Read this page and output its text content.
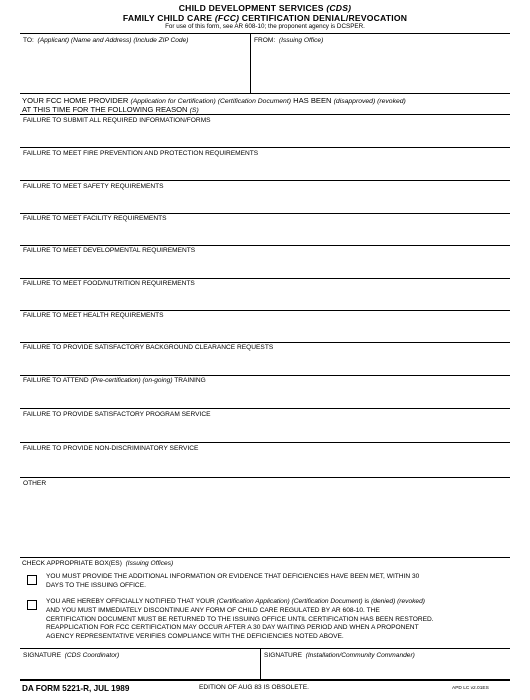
CHILD DEVELOPMENT SERVICES (CDS)
FAMILY CHILD CARE (FCC) CERTIFICATION DENIAL/REVOCATION
For use of this form, see AR 608-10; the proponent agency is DCSPER.
TO: (Applicant) (Name and Address) (Include ZIP Code)	FROM: (Issuing Office)
YOUR FCC HOME PROVIDER (Application for Certification) (Certification Document) HAS BEEN (disapproved) (revoked)
AT THIS TIME FOR THE FOLLOWING REASON (S)
FAILURE TO SUBMIT ALL REQUIRED INFORMATION/FORMS
FAILURE TO MEET FIRE PREVENTION AND PROTECTION REQUIREMENTS
FAILURE TO MEET SAFETY REQUIREMENTS
FAILURE TO MEET FACILITY REQUIREMENTS
FAILURE TO MEET DEVELOPMENTAL REQUIREMENTS
FAILURE TO MEET FOOD/NUTRITION REQUIREMENTS
FAILURE TO MEET HEALTH REQUIREMENTS
FAILURE TO PROVIDE SATISFACTORY BACKGROUND CLEARANCE REQUESTS
FAILURE TO ATTEND (Pre-certification) (on-going) TRAINING
FAILURE TO PROVIDE SATISFACTORY PROGRAM SERVICE
FAILURE TO PROVIDE NON-DISCRIMINATORY SERVICE
OTHER
CHECK APPROPRIATE BOX(ES) (Issuing Offices)
YOU MUST PROVIDE THE ADDITIONAL INFORMATION OR EVIDENCE THAT DEFICIENCIES HAVE BEEN MET, WITHIN 30
DAYS TO THE ISSUING OFFICE.
YOU ARE HEREBY OFFICIALLY NOTIFIED THAT YOUR (Certification Application) (Certification Document) is (denied) (revoked)
AND YOU MUST IMMEDIATELY DISCONTINUE ANY FORM OF CHILD CARE REGULATED BY AR 608-10. THE
CERTIFICATION DOCUMENT MUST BE RETURNED TO THE ISSUING OFFICE UNTIL CERTIFICATION HAS BEEN RESTORED.
REAPPLICATION FOR FCC CERTIFICATION MAY OCCUR AFTER A 30 DAY WAITING PERIOD AND WHEN A PROPONENT
AGENCY REPRESENTATIVE VERIFIES COMPLIANCE WITH THE DEFICIENCIES NOTED ABOVE.
SIGNATURE (CDS Coordinator)	SIGNATURE (Installation/Community Commander)
DA FORM 5221-R, JUL 1989	EDITION OF AUG 83 IS OBSOLETE.	APD LC v2.01ES
